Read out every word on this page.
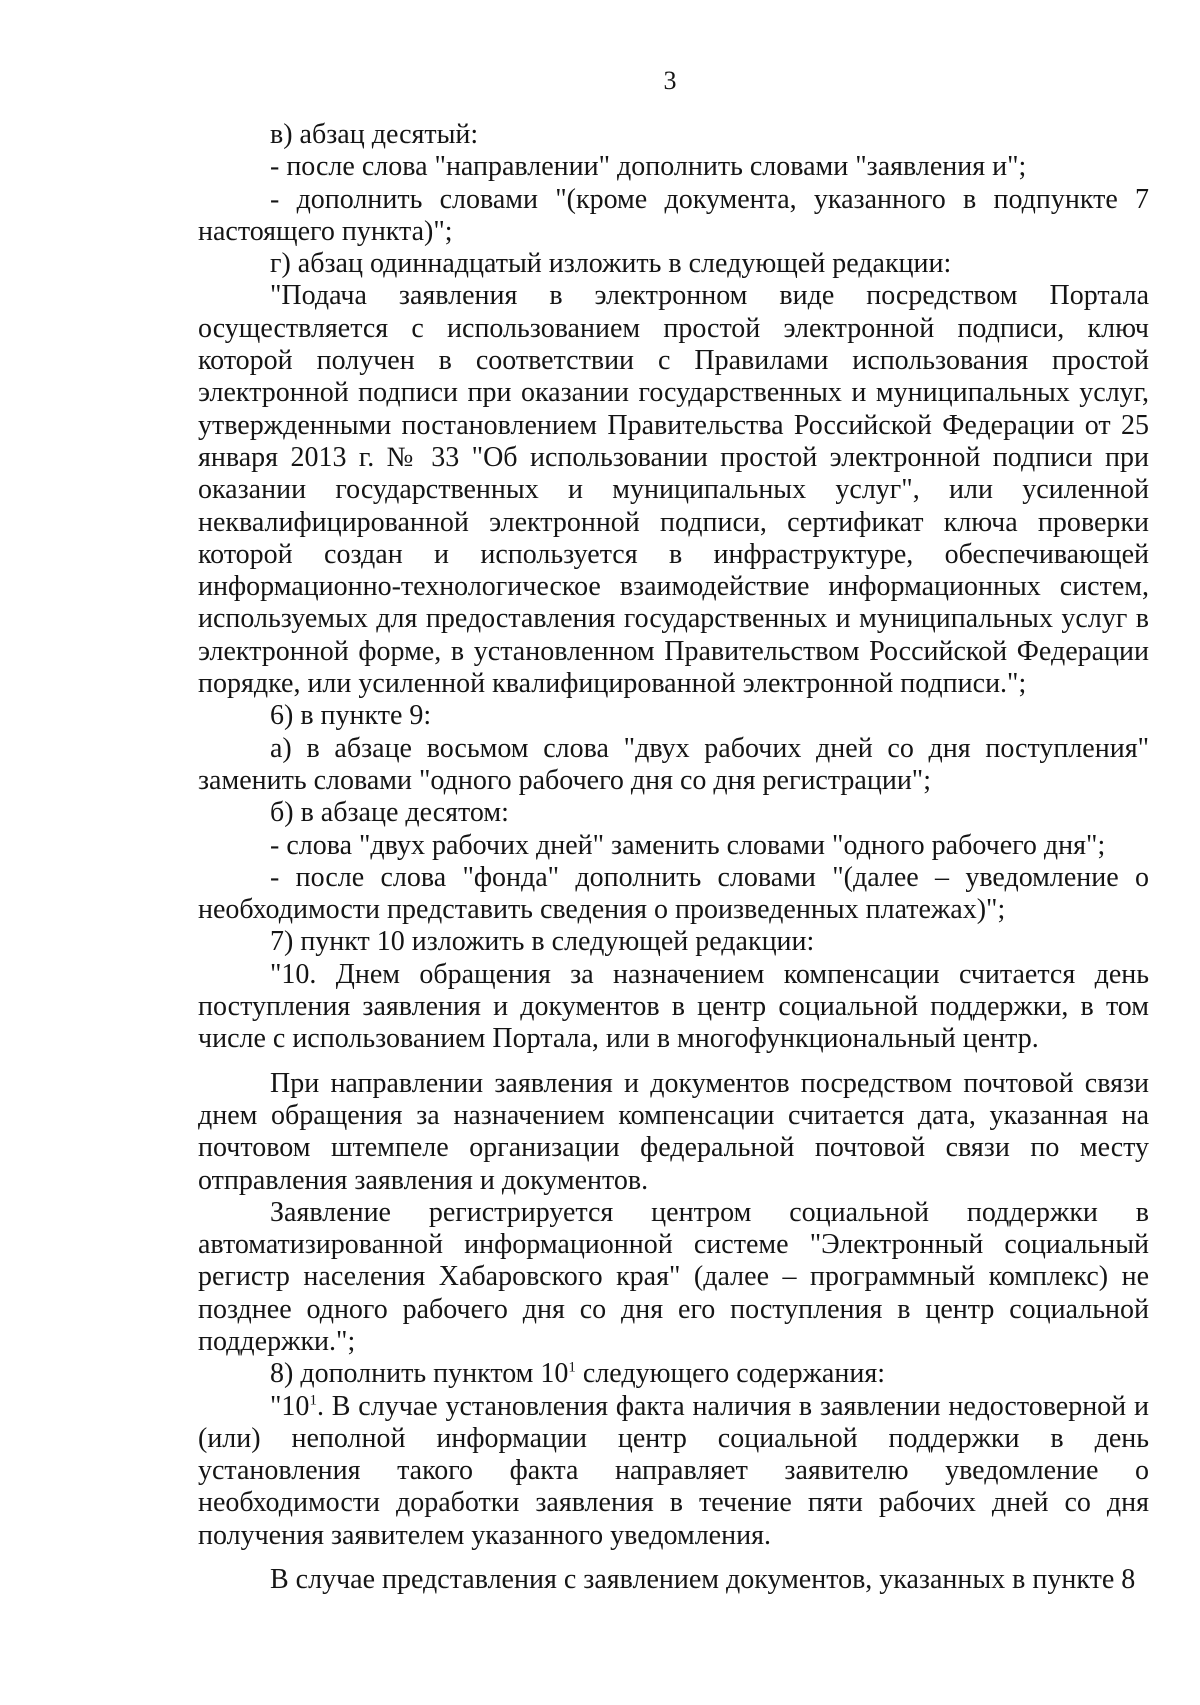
3

в) абзац десятый:

- после слова "направлении" дополнить словами "заявления и";

- дополнить словами "(кроме документа, указанного в подпункте 7 настоящего пункта)";

г) абзац одиннадцатый изложить в следующей редакции:

"Подача заявления в электронном виде посредством Портала осуществляется с использованием простой электронной подписи, ключ которой получен в соответствии с Правилами использования простой электронной подписи при оказании государственных и муниципальных услуг, утвержденными постановлением Правительства Российской Федерации от 25 января 2013 г. № 33 "Об использовании простой электронной подписи при оказании государственных и муниципальных услуг", или усиленной неквалифицированной электронной подписи, сертификат ключа проверки которой создан и используется в инфраструктуре, обеспечивающей информационно-технологическое взаимодействие информационных систем, используемых для предоставления государственных и муниципальных услуг в электронной форме, в установленном Правительством Российской Федерации порядке, или усиленной квалифицированной электронной подписи.";

6) в пункте 9:

а) в абзаце восьмом слова "двух рабочих дней со дня поступления" заменить словами "одного рабочего дня со дня регистрации";

б) в абзаце десятом:

- слова "двух рабочих дней" заменить словами "одного рабочего дня";

- после слова "фонда" дополнить словами "(далее – уведомление о необходимости представить сведения о произведенных платежах)";

7) пункт 10 изложить в следующей редакции:

"10. Днем обращения за назначением компенсации считается день поступления заявления и документов в центр социальной поддержки, в том числе с использованием Портала, или в многофункциональный центр.

При направлении заявления и документов посредством почтовой связи днем обращения за назначением компенсации считается дата, указанная на почтовом штемпеле организации федеральной почтовой связи по месту отправления заявления и документов.

Заявление регистрируется центром социальной поддержки в автоматизированной информационной системе "Электронный социальный регистр населения Хабаровского края" (далее – программный комплекс) не позднее одного рабочего дня со дня его поступления в центр социальной поддержки.";

8) дополнить пунктом $10^1$ следующего содержания:

"$10^1$. В случае установления факта наличия в заявлении недостоверной и (или) неполной информации центр социальной поддержки в день установления такого факта направляет заявителю уведомление о необходимости доработки заявления в течение пяти рабочих дней со дня получения заявителем указанного уведомления.

В случае представления с заявлением документов, указанных в пункте 8
